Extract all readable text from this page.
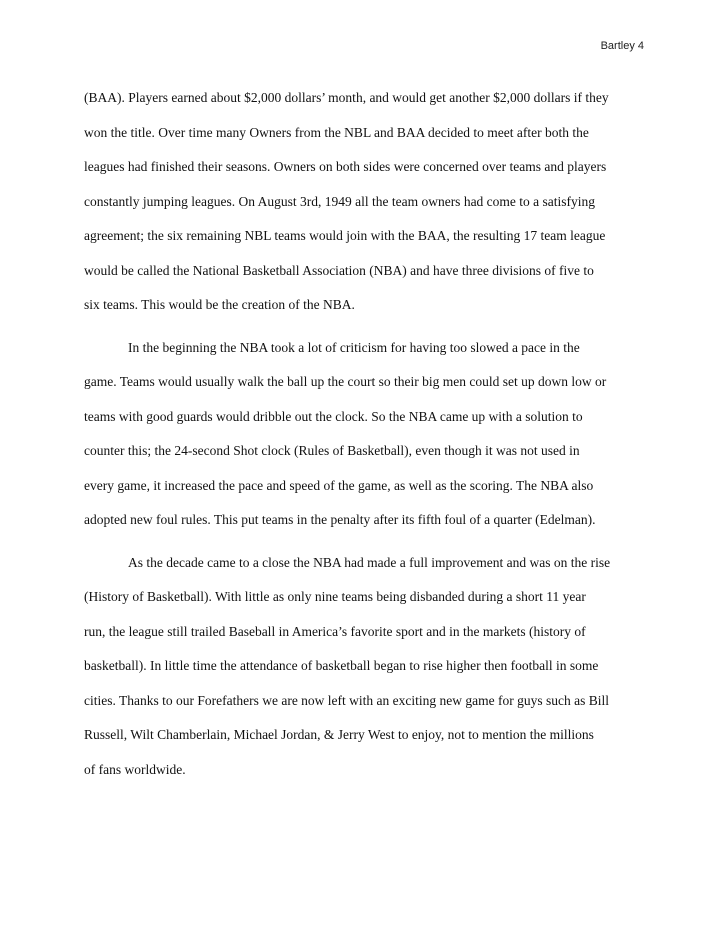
Bartley 4
(BAA). Players earned about $2,000 dollars’ month, and would get another $2,000 dollars if they
won the title. Over time many Owners from the NBL and BAA decided to meet after both the
leagues had finished their seasons. Owners on both sides were concerned over teams and players
constantly jumping leagues. On August 3rd, 1949 all the team owners had come to a satisfying
agreement; the six remaining NBL teams would join with the BAA, the resulting 17 team league
would be called the National Basketball Association (NBA) and have three divisions of five to
six teams. This would be the creation of the NBA.
In the beginning the NBA took a lot of criticism for having too slowed a pace in the
game. Teams would usually walk the ball up the court so their big men could set up down low or
teams with good guards would dribble out the clock. So the NBA came up with a solution to
counter this; the 24-second Shot clock (Rules of Basketball), even though it was not used in
every game, it increased the pace and speed of the game, as well as the scoring. The NBA also
adopted new foul rules. This put teams in the penalty after its fifth foul of a quarter (Edelman).
As the decade came to a close the NBA had made a full improvement and was on the rise
(History of Basketball). With little as only nine teams being disbanded during a short 11 year
run, the league still trailed Baseball in America’s favorite sport and in the markets (history of
basketball). In little time the attendance of basketball began to rise higher then football in some
cities. Thanks to our Forefathers we are now left with an exciting new game for guys such as Bill
Russell, Wilt Chamberlain, Michael Jordan, & Jerry West to enjoy, not to mention the millions
of fans worldwide.
